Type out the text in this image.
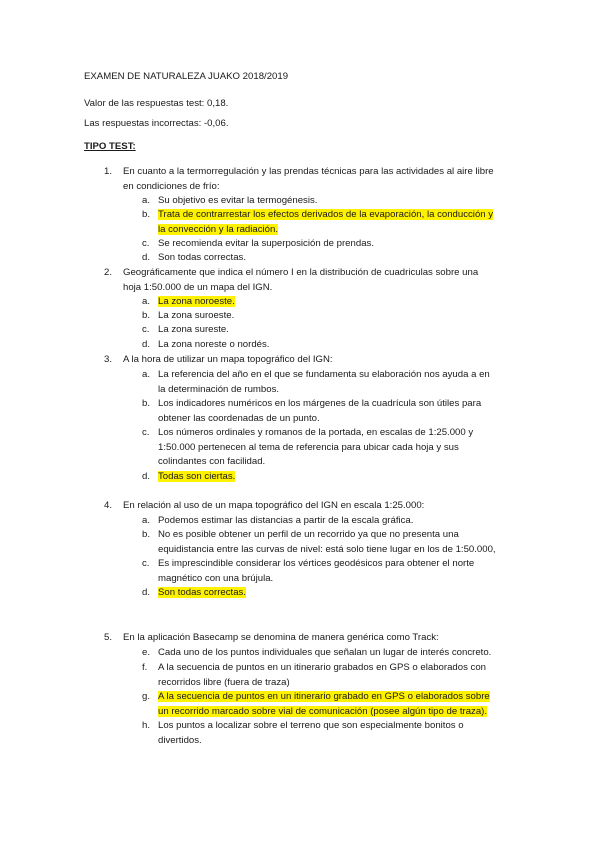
EXAMEN DE NATURALEZA JUAKO 2018/2019
Valor de las respuestas test: 0,18.
Las respuestas incorrectas: -0,06.
TIPO TEST:
1. En cuanto a la termorregulación y las prendas técnicas para las actividades al aire libre
en condiciones de frío:
a. Su objetivo es evitar la termogénesis.
b. Trata de contrarrestar los efectos derivados de la evaporación, la conducción y
la convección y la radiación.
c. Se recomienda evitar la superposición de prendas.
d. Son todas correctas.
2. Geográficamente que indica el número I en la distribución de cuadriculas sobre una
hoja 1:50.000 de un mapa del IGN.
a. La zona noroeste.
b. La zona suroeste.
c. La zona sureste.
d. La zona noreste o nordés.
3. A la hora de utilizar un mapa topográfico del IGN:
a. La referencia del año en el que se fundamenta su elaboración nos ayuda a en
la determinación de rumbos.
b. Los indicadores numéricos en los márgenes de la cuadrícula son útiles para
obtener las coordenadas de un punto.
c. Los números ordinales y romanos de la portada, en escalas de 1:25.000 y
1:50.000 pertenecen al tema de referencia para ubicar cada hoja y sus
colindantes con facilidad.
d. Todas son ciertas.
4. En relación al uso de un mapa topográfico del IGN en escala 1:25.000:
a. Podemos estimar las distancias a partir de la escala gráfica.
b. No es posible obtener un perfil de un recorrido ya que no presenta una
equidistancia entre las curvas de nivel: está solo tiene lugar en los de 1:50.000,
c. Es imprescindible considerar los vértices geodésicos para obtener el norte
magnético con una brújula.
d. Son todas correctas.
5. En la aplicación Basecamp se denomina de manera genérica como Track:
e. Cada uno de los puntos individuales que señalan un lugar de interés concreto.
f. A la secuencia de puntos en un itinerario grabados en GPS o elaborados con
recorridos libre (fuera de traza)
g. A la secuencia de puntos en un itinerario grabado en GPS o elaborados sobre
un recorrido marcado sobre vial de comunicación (posee algún tipo de traza).
h. Los puntos a localizar sobre el terreno que son especialmente bonitos o
divertidos.
